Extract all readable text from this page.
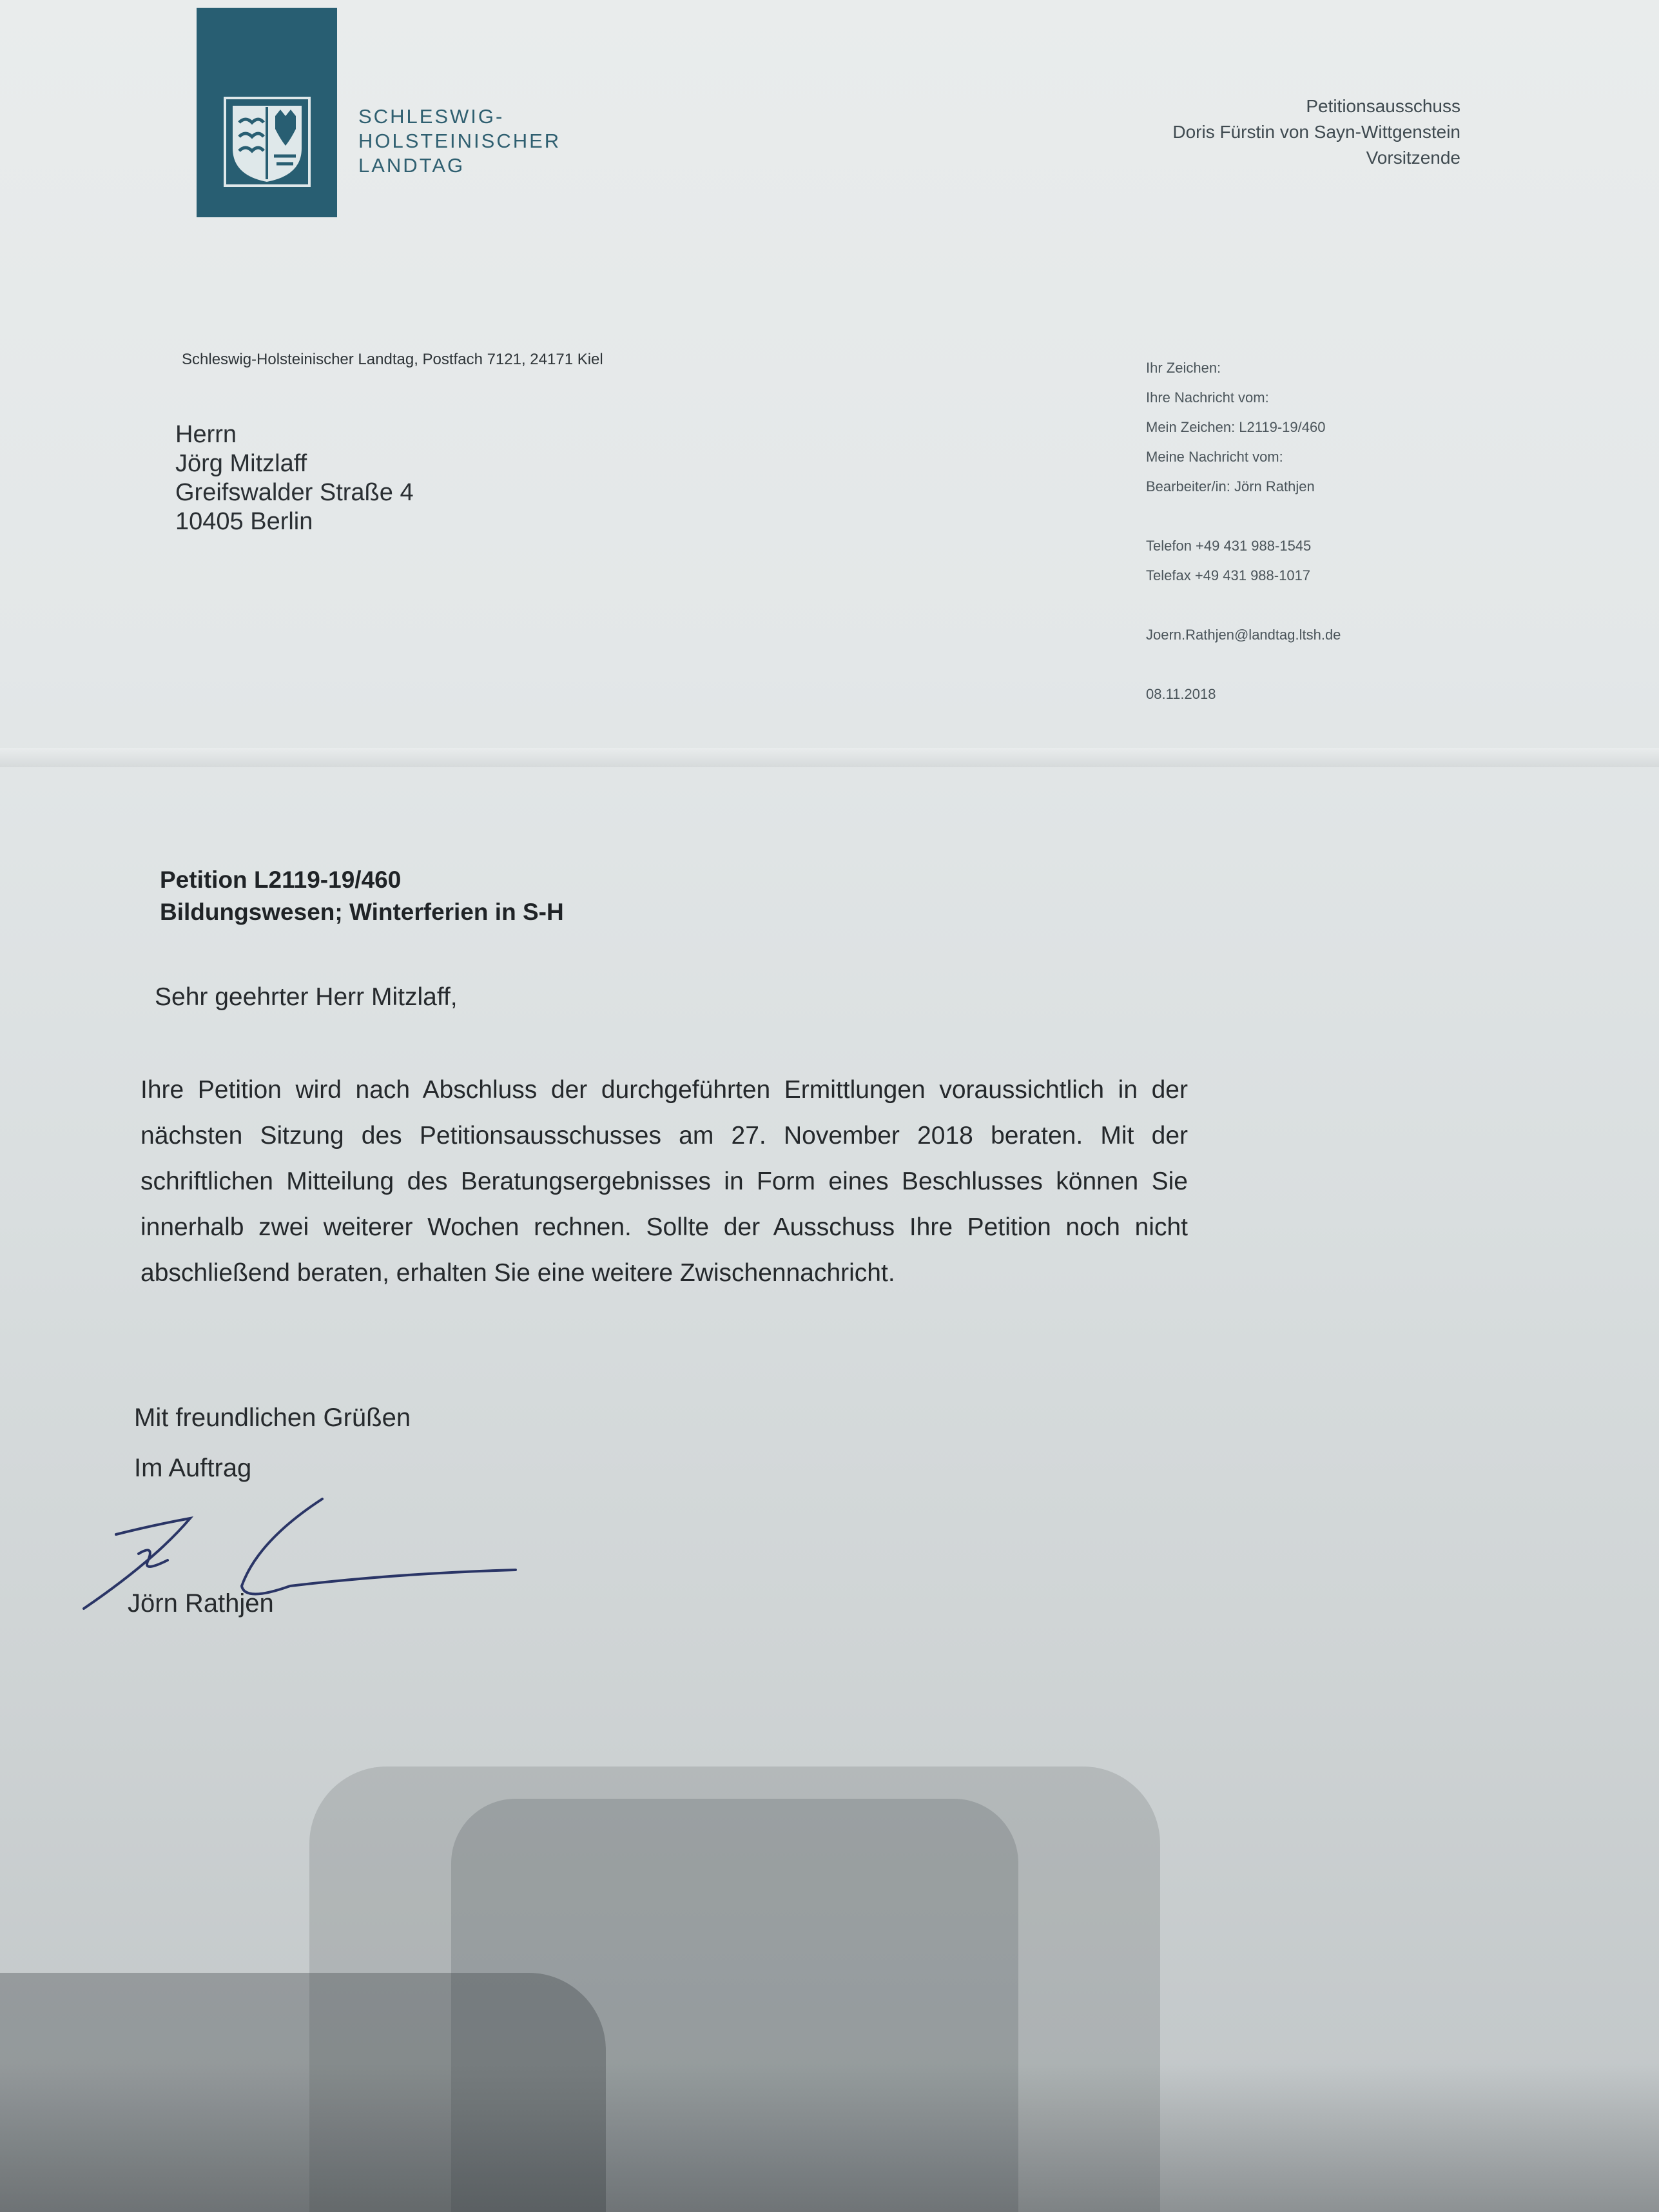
SCHLESWIG-
HOLSTEINISCHER
LANDTAG
Petitionsausschuss
Doris Fürstin von Sayn-Wittgenstein
Vorsitzende
Schleswig-Holsteinischer Landtag, Postfach 7121, 24171 Kiel
Herrn
Jörg Mitzlaff
Greifswalder Straße 4
10405 Berlin
Ihr Zeichen:
Ihre Nachricht vom:
Mein Zeichen: L2119-19/460
Meine Nachricht vom:
Bearbeiter/in: Jörn Rathjen
Telefon +49 431 988-1545
Telefax +49 431 988-1017
Joern.Rathjen@landtag.ltsh.de
08.11.2018
Petition L2119-19/460
Bildungswesen; Winterferien in S-H
Sehr geehrter Herr Mitzlaff,
Ihre Petition wird nach Abschluss der durchgeführten Ermittlungen voraussichtlich in der nächsten Sitzung des Petitionsausschusses am 27. November 2018 beraten. Mit der schriftlichen Mitteilung des Beratungsergebnisses in Form eines Beschlusses können Sie innerhalb zwei weiterer Wochen rechnen. Sollte der Ausschuss Ihre Petition noch nicht abschließend beraten, erhalten Sie eine weitere Zwischennachricht.
Mit freundlichen Grüßen
Im Auftrag
Jörn Rathjen
